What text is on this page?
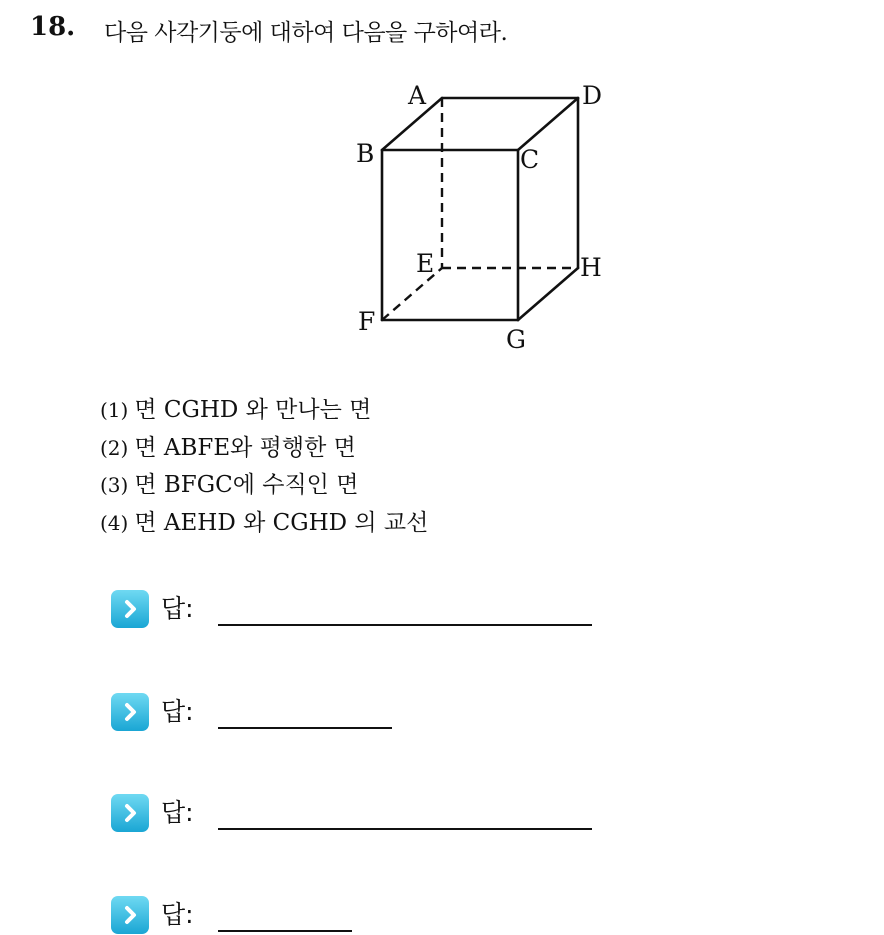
18. 다음 사각기둥에 대하여 다음을 구하여라.
A	D
B	C
E	H
F
G
(1) 면 CGHD 와 만나는 면
(2) 면 ABFE와 평행한 면
(3) 면 BFGC에 수직인 면
(4) 면 AEHD 와 CGHD 의 교선
답:
답:
답:
답:
